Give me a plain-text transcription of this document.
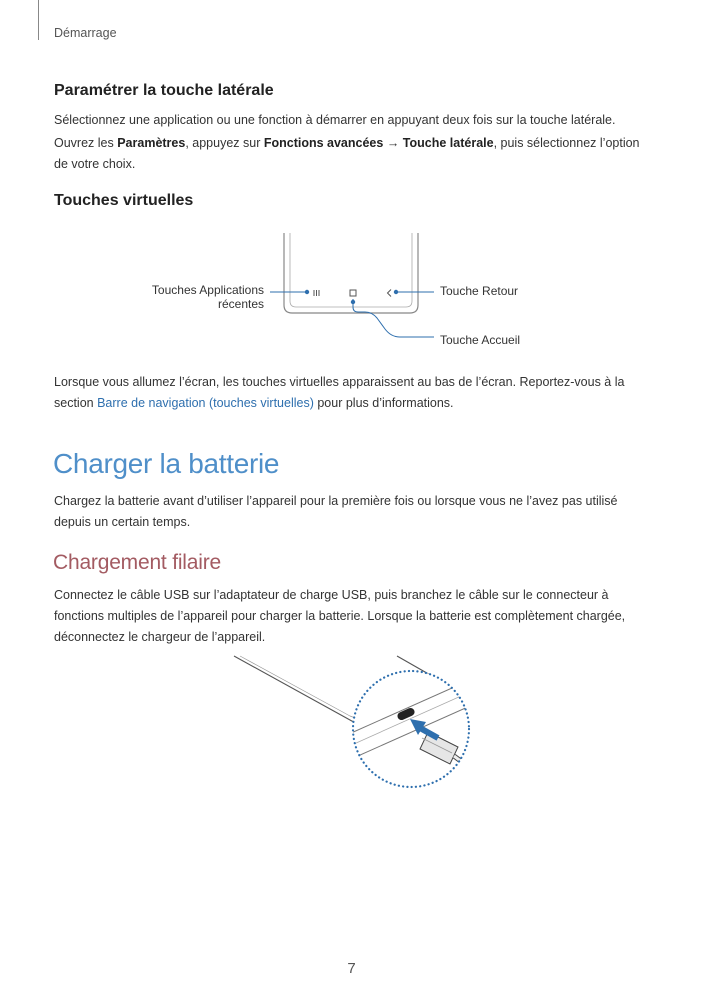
Démarrage
Paramétrer la touche latérale
Sélectionnez une application ou une fonction à démarrer en appuyant deux fois sur la touche latérale.
Ouvrez les Paramètres, appuyez sur Fonctions avancées → Touche latérale, puis sélectionnez l’option de votre choix.
Touches virtuelles
Touches Applications
récentes
Touche Retour
Touche Accueil
Lorsque vous allumez l’écran, les touches virtuelles apparaissent au bas de l’écran. Reportez-vous à la section Barre de navigation (touches virtuelles) pour plus d’informations.
Charger la batterie
Chargez la batterie avant d’utiliser l’appareil pour la première fois ou lorsque vous ne l’avez pas utilisé depuis un certain temps.
Chargement filaire
Connectez le câble USB sur l’adaptateur de charge USB, puis branchez le câble sur le connecteur à fonctions multiples de l’appareil pour charger la batterie. Lorsque la batterie est complètement chargée, déconnectez le chargeur de l’appareil.
7
